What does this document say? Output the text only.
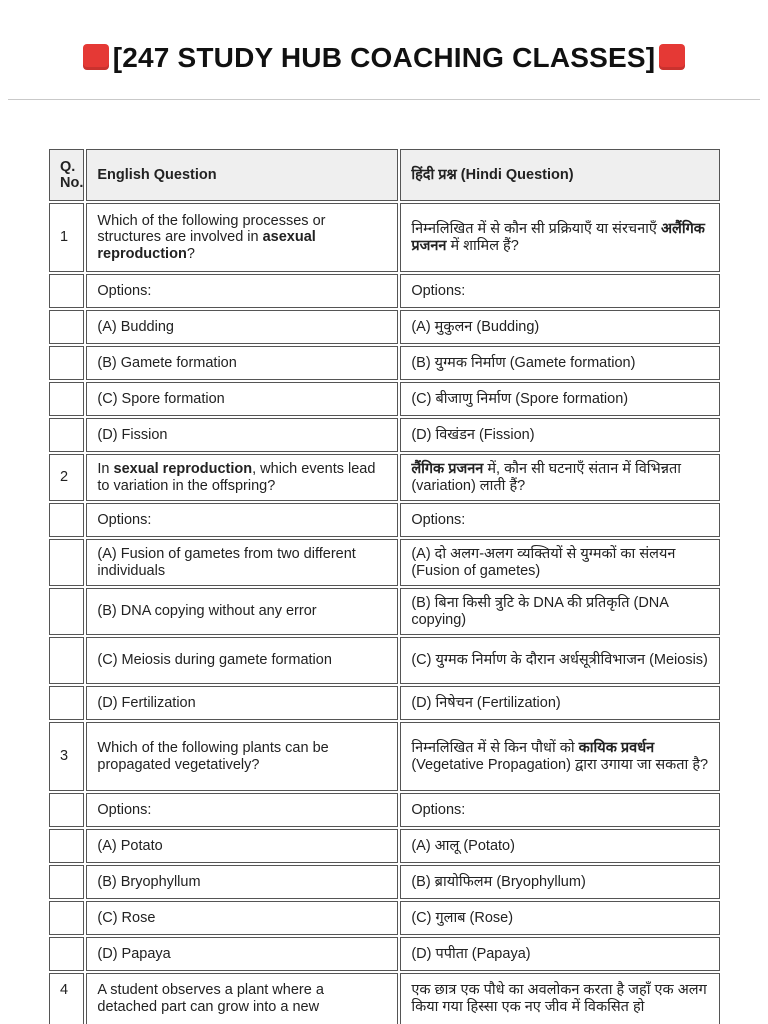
[247 STUDY HUB COACHING CLASSES]
Q. No.	English Question	हिंदी प्रश्न (Hindi Question)
1	Which of the following processes or structures are involved in asexual reproduction?	निम्नलिखित में से कौन सी प्रक्रियाएँ या संरचनाएँ अलैंगिक प्रजनन में शामिल हैं?
	Options:	Options:
	(A) Budding	(A) मुकुलन (Budding)
	(B) Gamete formation	(B) युग्मक निर्माण (Gamete formation)
	(C) Spore formation	(C) बीजाणु निर्माण (Spore formation)
	(D) Fission	(D) विखंडन (Fission)
2	In sexual reproduction, which events lead to variation in the offspring?	लैंगिक प्रजनन में, कौन सी घटनाएँ संतान में विभिन्नता (variation) लाती हैं?
	Options:	Options:
	(A) Fusion of gametes from two different individuals	(A) दो अलग-अलग व्यक्तियों से युग्मकों का संलयन (Fusion of gametes)
	(B) DNA copying without any error	(B) बिना किसी त्रुटि के DNA की प्रतिकृति (DNA copying)
	(C) Meiosis during gamete formation	(C) युग्मक निर्माण के दौरान अर्धसूत्रीविभाजन (Meiosis)
	(D) Fertilization	(D) निषेचन (Fertilization)
3	Which of the following plants can be propagated vegetatively?	निम्नलिखित में से किन पौधों को कायिक प्रवर्धन (Vegetative Propagation) द्वारा उगाया जा सकता है?
	Options:	Options:
	(A) Potato	(A) आलू (Potato)
	(B) Bryophyllum	(B) ब्रायोफिलम (Bryophyllum)
	(C) Rose	(C) गुलाब (Rose)
	(D) Papaya	(D) पपीता (Papaya)
4	A student observes a plant where a detached part can grow into a new	एक छात्र एक पौधे का अवलोकन करता है जहाँ एक अलग किया गया हिस्सा एक नए जीव में विकसित हो
